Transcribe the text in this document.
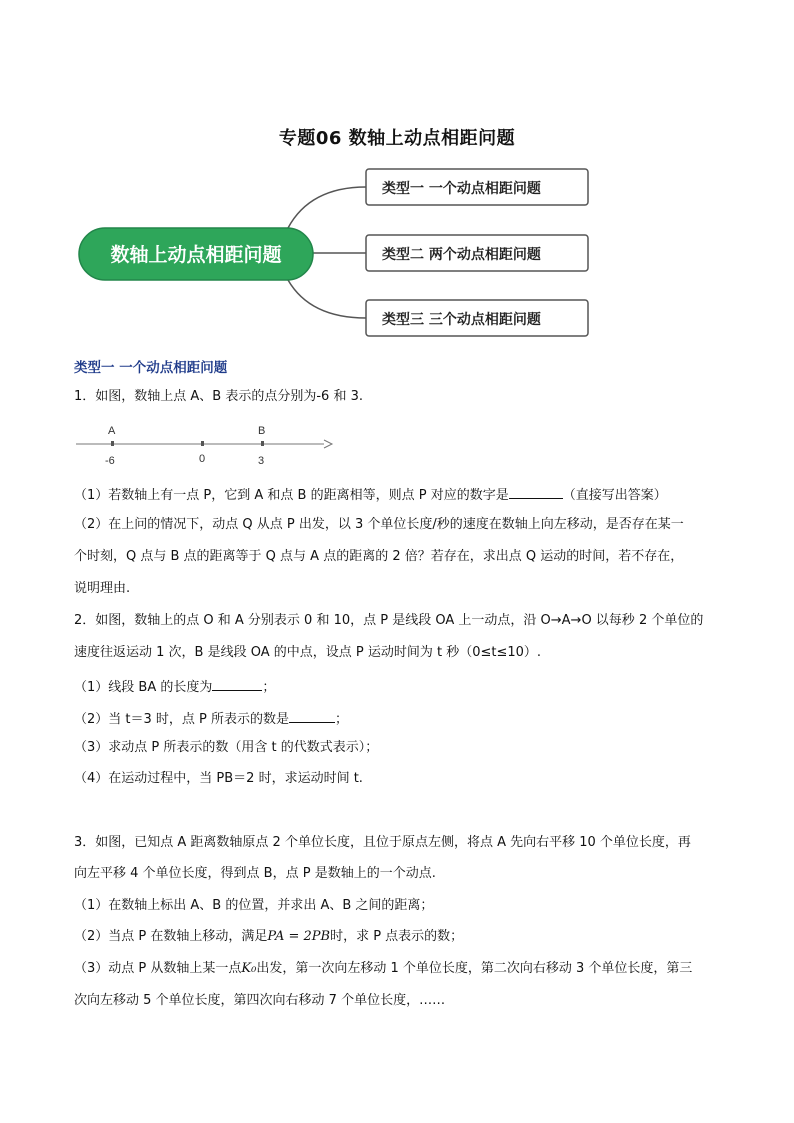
专题06 数轴上动点相距问题
数轴上动点相距问题
类型一 一个动点相距问题
类型二 两个动点相距问题
类型三 三个动点相距问题
类型一 一个动点相距问题
1．如图，数轴上点 A、B 表示的点分别为-6 和 3.
A	B
-6	0	3
（1）若数轴上有一点 P，它到 A 和点 B 的距离相等，则点 P 对应的数字是	（直接写出答案）
（2）在上问的情况下，动点 Q 从点 P 出发，以 3 个单位长度/秒的速度在数轴上向左移动，是否存在某一
个时刻，Q 点与 B 点的距离等于 Q 点与 A 点的距离的 2 倍？若存在，求出点 Q 运动的时间，若不存在，
说明理由.
2．如图，数轴上的点 O 和 A 分别表示 0 和 10，点 P 是线段 OA 上一动点，沿 O→A→O 以每秒 2 个单位的
速度往返运动 1 次，B 是线段 OA 的中点，设点 P 运动时间为 t 秒（0≤t≤10）.
（1）线段 BA 的长度为	；
（2）当 t＝3 时，点 P 所表示的数是	；
（3）求动点 P 所表示的数（用含 t 的代数式表示）；
（4）在运动过程中，当 PB＝2 时，求运动时间 t.
3．如图，已知点 A 距离数轴原点 2 个单位长度，且位于原点左侧，将点 A 先向右平移 10 个单位长度，再
向左平移 4 个单位长度，得到点 B，点 P 是数轴上的一个动点.
（1）在数轴上标出 A、B 的位置，并求出 A、B 之间的距离；
（2）当点 P 在数轴上移动，满足PA = 2PB时，求 P 点表示的数；
（3）动点 P 从数轴上某一点K₀出发，第一次向左移动 1 个单位长度，第二次向右移动 3 个单位长度，第三
次向左移动 5 个单位长度，第四次向右移动 7 个单位长度，……
